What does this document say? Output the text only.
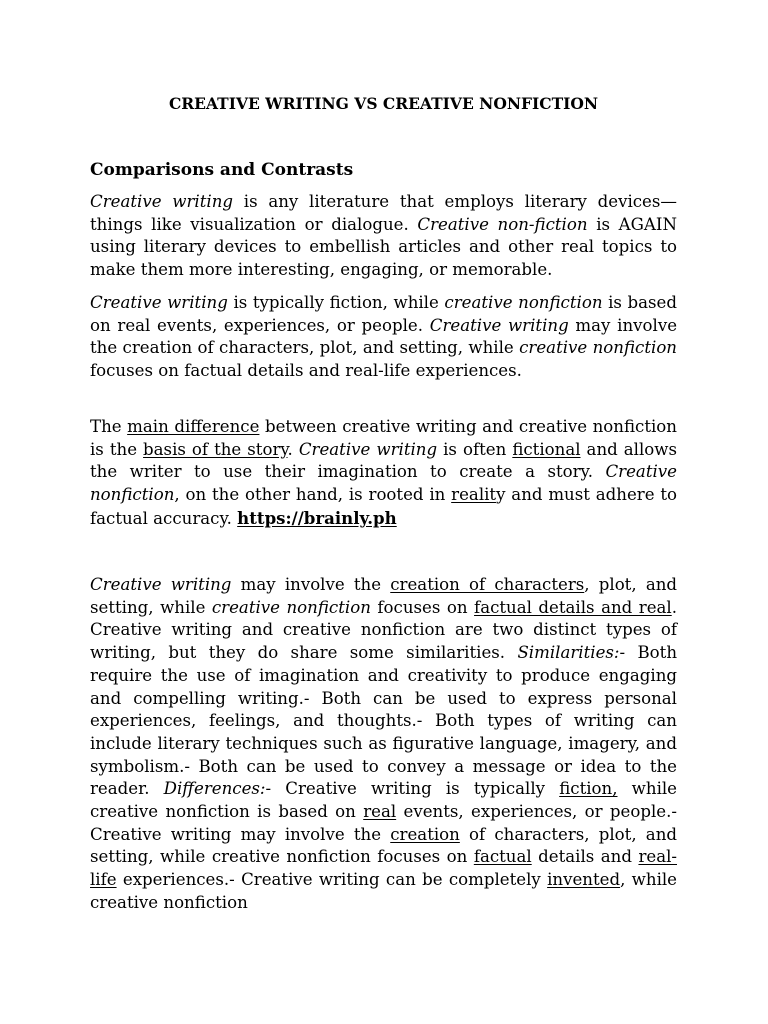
CREATIVE WRITING VS CREATIVE NONFICTION
Comparisons and Contrasts

Creative writing is any literature that employs literary devices—things like visualization or dialogue. Creative non-fiction is AGAIN using literary devices to embellish articles and other real topics to make them more interesting, engaging, or memorable.

Creative writing is typically fiction, while creative nonfiction is based on real events, experiences, or people. Creative writing may involve the creation of characters, plot, and setting, while creative nonfiction focuses on factual details and real-life experiences.

The main difference between creative writing and creative nonfiction is the basis of the story. Creative writing is often fictional and allows the writer to use their imagination to create a story. Creative nonfiction, on the other hand, is rooted in reality and must adhere to factual accuracy. https://brainly.ph

Creative writing may involve the creation of characters, plot, and setting, while creative nonfiction focuses on factual details and real. Creative writing and creative nonfiction are two distinct types of writing, but they do share some similarities. Similarities:- Both require the use of imagination and creativity to produce engaging and compelling writing.- Both can be used to express personal experiences, feelings, and thoughts.- Both types of writing can include literary techniques such as figurative language, imagery, and symbolism.- Both can be used to convey a message or idea to the reader. Differences:- Creative writing is typically fiction, while creative nonfiction is based on real events, experiences, or people.- Creative writing may involve the creation of characters, plot, and setting, while creative nonfiction focuses on factual details and real-life experiences.- Creative writing can be completely invented, while creative nonfiction
